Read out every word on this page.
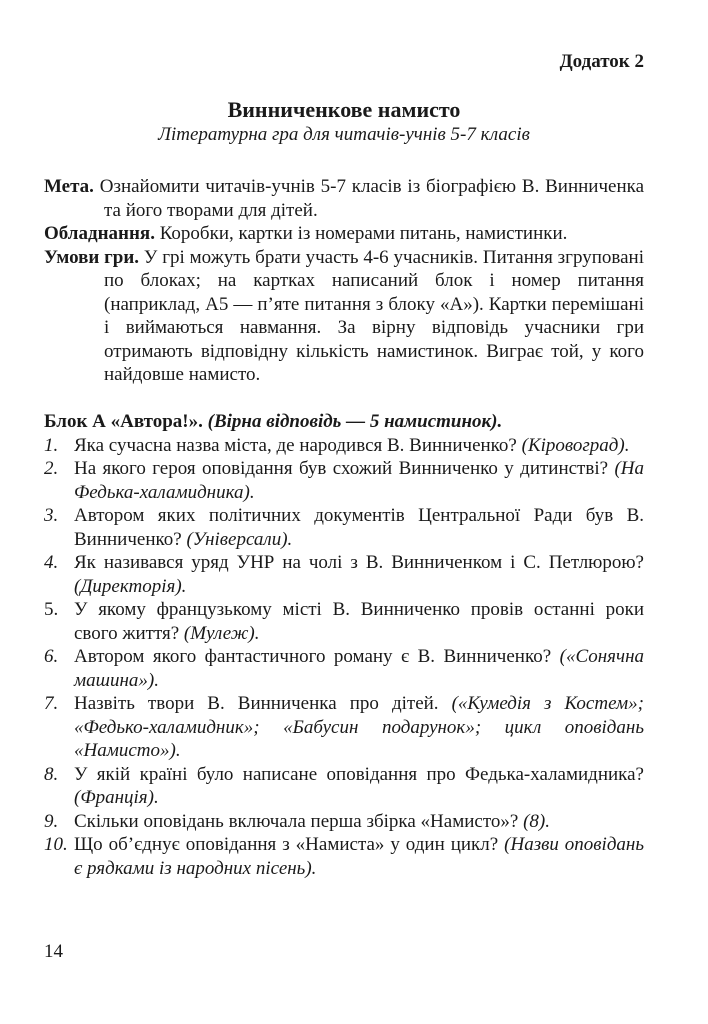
Додаток 2
Винниченкове намисто
Літературна гра для читачів-учнів 5-7 класів

Мета. Ознайомити читачів-учнів 5-7 класів із біографією В. Винниченка та його творами для дітей.

Обладнання. Коробки, картки із номерами питань, намистинки.

Умови гри. У грі можуть брати участь 4-6 учасників. Питання згруповані по блоках; на картках написаний блок і номер питання (наприклад, А5 — п’яте питання з блоку «А»). Картки перемішані і виймаються навмання. За вірну відповідь учасники гри отримають відповідну кількість намистинок. Виграє той, у кого найдовше намисто.

Блок А «Автора!». (Вірна відповідь — 5 намистинок).

1. Яка сучасна назва міста, де народився В. Винниченко? (Кіровоград).
2. На якого героя оповідання був схожий Винниченко у дитинстві? (На Федька-халамидника).
3. Автором яких політичних документів Центральної Ради був В. Винниченко? (Універсали).
4. Як називався уряд УНР на чолі з В. Винниченком і С. Петлюрою? (Директорія).
5. У якому французькому місті В. Винниченко провів останні роки свого життя? (Мулеж).
6. Автором якого фантастичного роману є В. Винниченко? («Сонячна машина»).
7. Назвіть твори В. Винниченка про дітей. («Кумедія з Костем»; «Федько-халамидник»; «Бабусин подарунок»; цикл оповідань «Намисто»).
8. У якій країні було написане оповідання про Федька-халамидника? (Франція).
9. Скільки оповідань включала перша збірка «Намисто»? (8).
10. Що об’єднує оповідання з «Намиста» у один цикл? (Назви оповідань є рядками із народних пісень).
14
